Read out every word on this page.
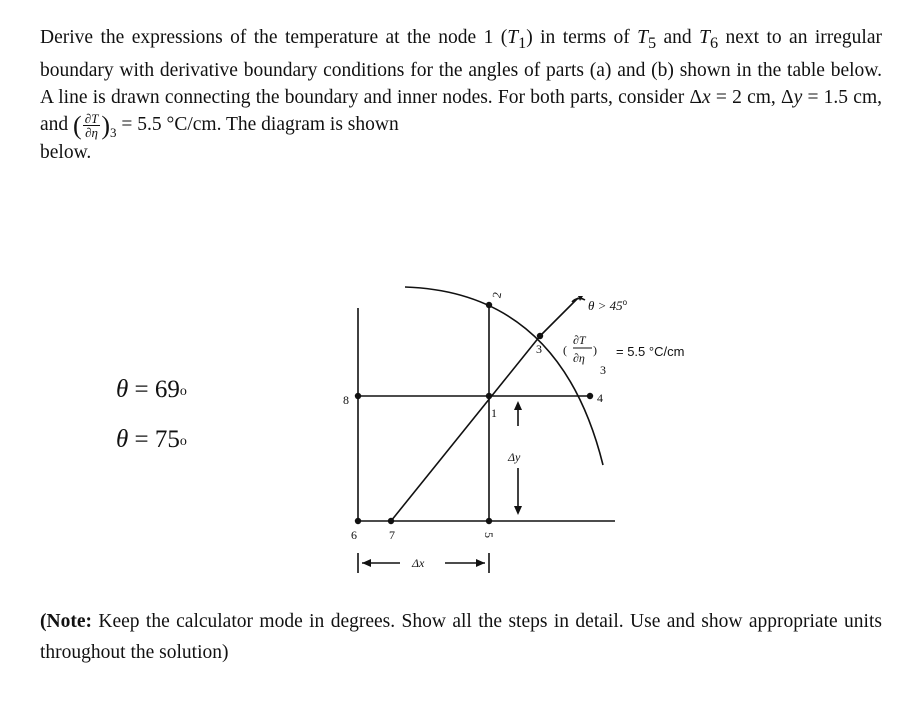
Derive the expressions of the temperature at the node 1 $(T_1)$ in terms of $T_5$ and $T_6$ next to an irregular boundary with derivative boundary conditions for the angles of parts (a) and (b) shown in the table below. A line is drawn connecting the boundary and inner nodes. For both parts, consider Δx = 2 cm, Δy = 1.5 cm, and ( $\frac{\partial T}{\partial\eta} )_3 = 5.5$ °C/cm. The diagram is shown
below.
θ = 69o
θ = 75o
1
2
3
4
5
6	7
8
$\theta > 45^o$
(
∂T
∂η
)
3
= 5.5 °C/cm
Δy
Δx
(Note: Keep the calculator mode in degrees. Show all the steps in detail. Use and show appropriate units throughout the solution)
